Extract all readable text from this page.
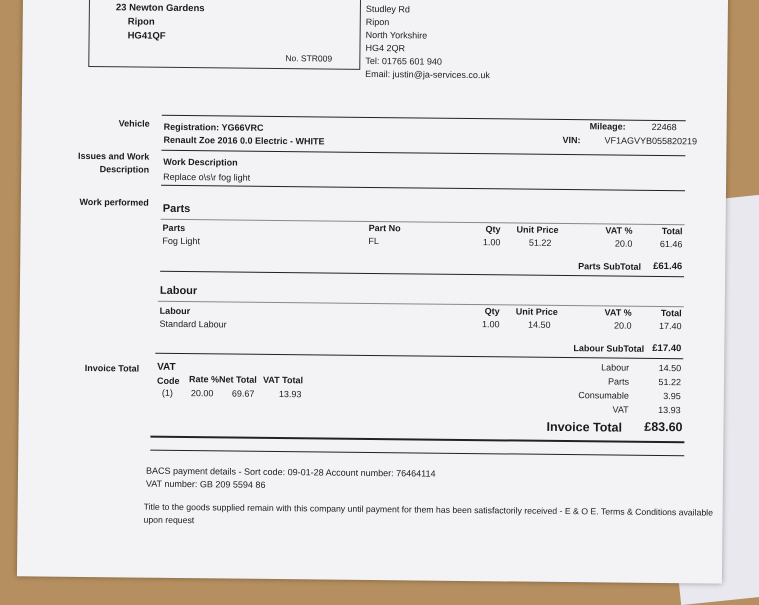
23 Newton Gardens
Ripon
HG41QF
No. STR009
Studley Rd
Ripon
North Yorkshire
HG4 2QR
Tel: 01765 601 940
Email: justin@ja-services.co.uk
Vehicle Registration: YG66VRC
Renault Zoe 2016 0.0 Electric - WHITE
Mileage:	22468
VIN:	VF1AGVYB055820219
Issues and Work
Description
Work Description
Replace o\s\r fog light
Work performed
Parts
Parts	Part No	Qty Unit Price	VAT %	Total
Fog Light	FL	1.00	51.22	20.0	61.46
Parts SubTotal	£61.46
Labour
Labour	Qty Unit Price	VAT %	Total
Standard Labour	1.00	14.50	20.0	17.40
Labour SubTotal £17.40
Invoice Total VAT
Code Rate % Net Total VAT Total
(1) 20.00 69.67	13.93
Labour	14.50
Parts	51.22
Consumable	3.95
VAT	13.93
Invoice Total	£83.60
BACS payment details - Sort code: 09-01-28 Account number: 76464114
VAT number: GB 209 5594 86
Title to the goods supplied remain with this company until payment for them has been satisfactorily received - E & O E. Terms & Conditions available
upon request
